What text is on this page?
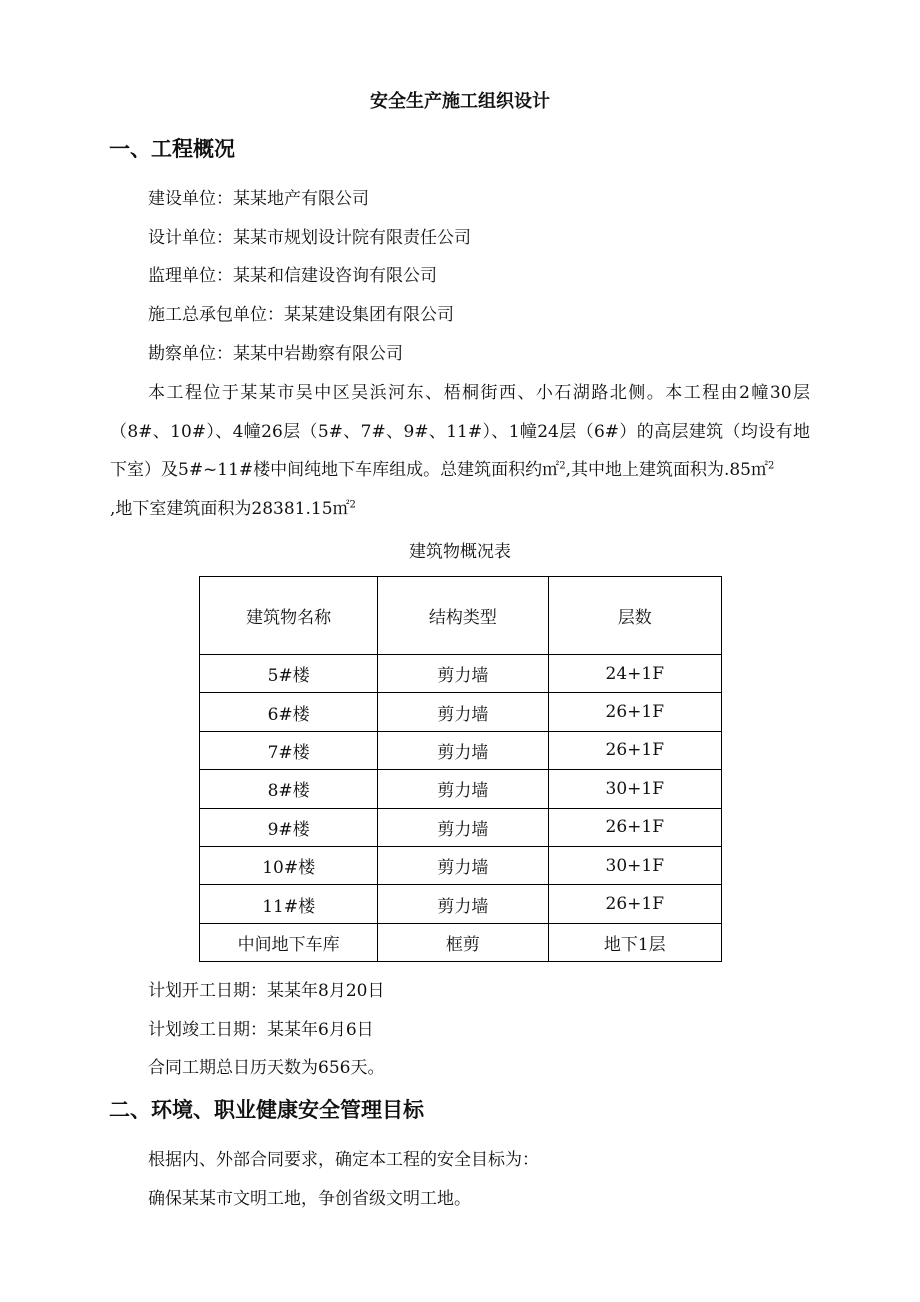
安全生产施工组织设计
一、工程概况
建设单位：某某地产有限公司
设计单位：某某市规划设计院有限责任公司
监理单位：某某和信建设咨询有限公司
施工总承包单位：某某建设集团有限公司
勘察单位：某某中岩勘察有限公司
本工程位于某某市吴中区吴浜河东、梧桐街西、小石湖路北侧。本工程由2幢30层（8#、10#）、4幢26层（5#、7#、9#、11#）、1幢24层（6#）的高层建筑（均设有地下室）及5#~11#楼中间纯地下车库组成。总建筑面积约㎡$^2$,其中地上建筑面积为.85㎡$^2$
,地下室建筑面积为28381.15㎡$^2$
建筑物概况表
建筑物名称	结构类型	层数
5#楼	剪力墙	24+1F
6#楼	剪力墙	26+1F
7#楼	剪力墙	26+1F
8#楼	剪力墙	30+1F
9#楼	剪力墙	26+1F
10#楼	剪力墙	30+1F
11#楼	剪力墙	26+1F
中间地下车库	框剪	地下1层
计划开工日期：某某年8月20日
计划竣工日期：某某年6月6日
合同工期总日历天数为656天。
二、环境、职业健康安全管理目标
根据内、外部合同要求，确定本工程的安全目标为：
确保某某市文明工地，争创省级文明工地。
